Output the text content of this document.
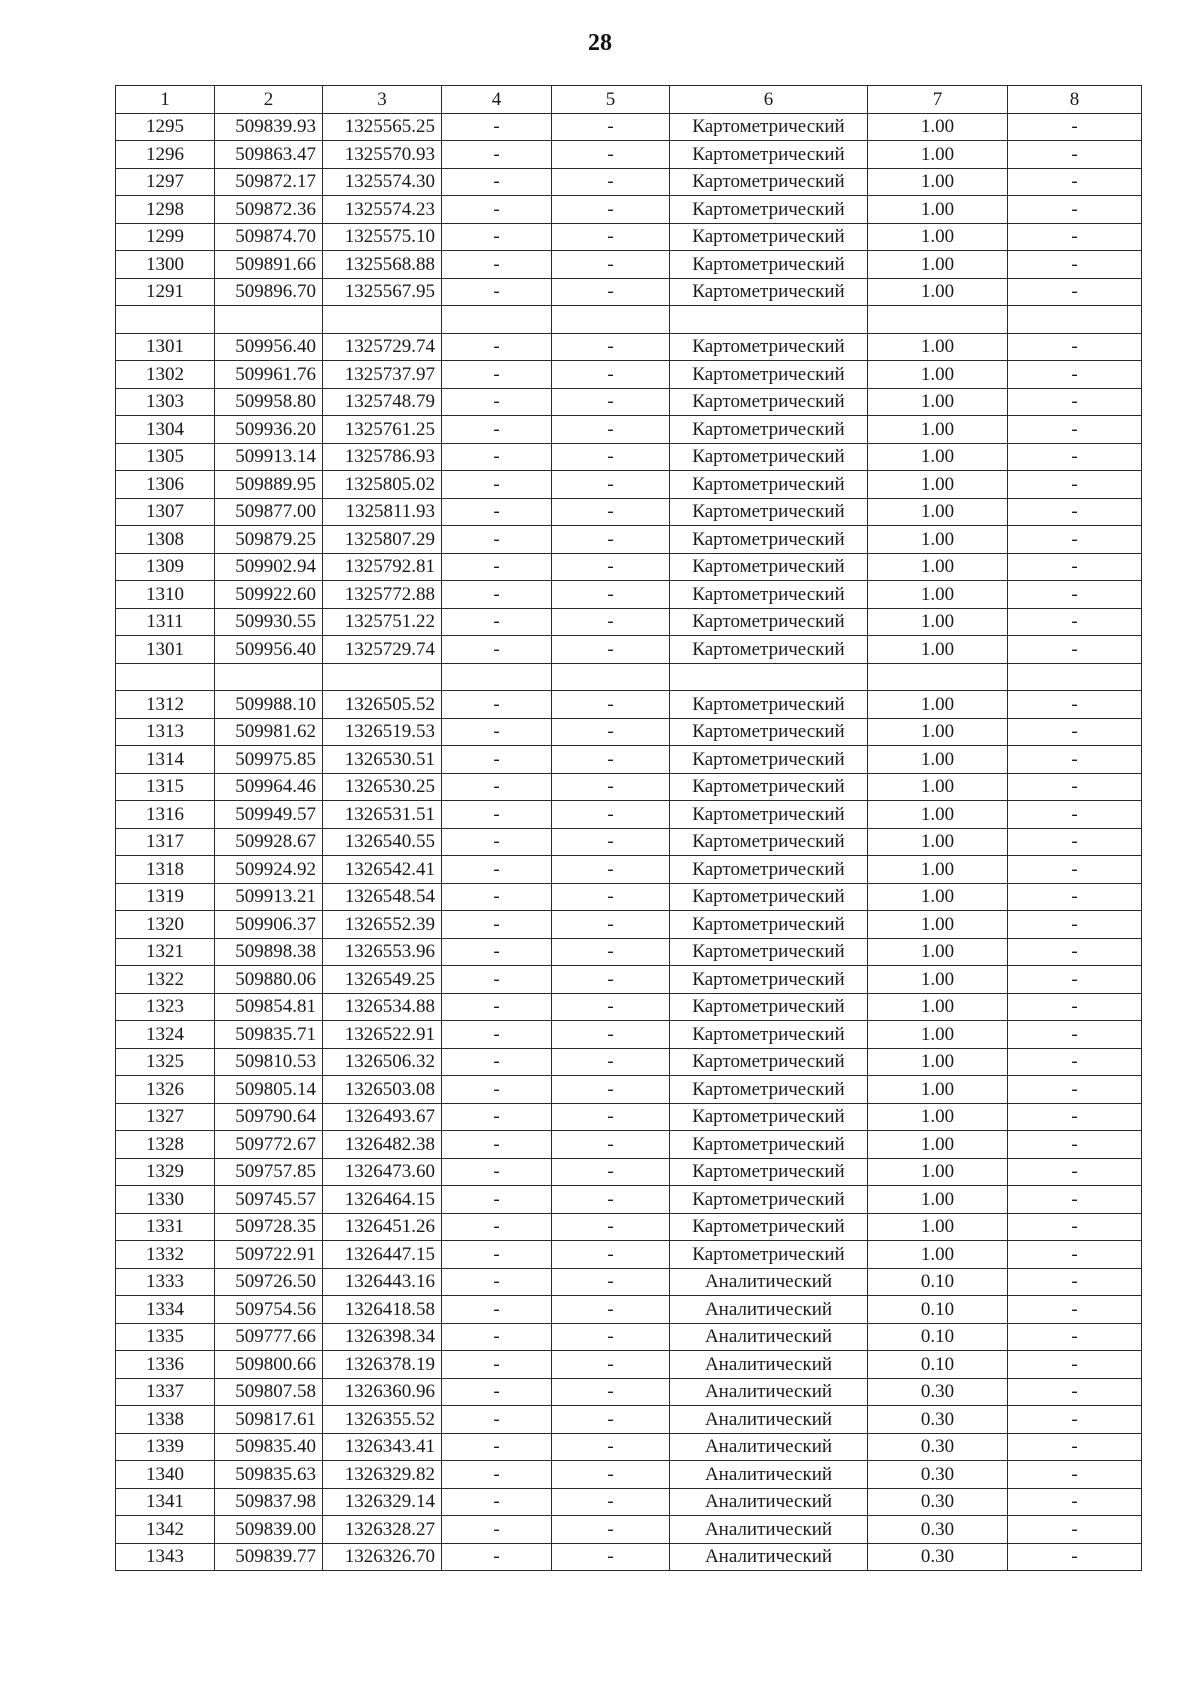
28
1	2	3	4	5	6	7	8
1295	509839.93	1325565.25	-	-	Картометрический	1.00	-
1296	509863.47	1325570.93	-	-	Картометрический	1.00	-
1297	509872.17	1325574.30	-	-	Картометрический	1.00	-
1298	509872.36	1325574.23	-	-	Картометрический	1.00	-
1299	509874.70	1325575.10	-	-	Картометрический	1.00	-
1300	509891.66	1325568.88	-	-	Картометрический	1.00	-
1291	509896.70	1325567.95	-	-	Картометрический	1.00	-

1301	509956.40	1325729.74	-	-	Картометрический	1.00	-
1302	509961.76	1325737.97	-	-	Картометрический	1.00	-
1303	509958.80	1325748.79	-	-	Картометрический	1.00	-
1304	509936.20	1325761.25	-	-	Картометрический	1.00	-
1305	509913.14	1325786.93	-	-	Картометрический	1.00	-
1306	509889.95	1325805.02	-	-	Картометрический	1.00	-
1307	509877.00	1325811.93	-	-	Картометрический	1.00	-
1308	509879.25	1325807.29	-	-	Картометрический	1.00	-
1309	509902.94	1325792.81	-	-	Картометрический	1.00	-
1310	509922.60	1325772.88	-	-	Картометрический	1.00	-
1311	509930.55	1325751.22	-	-	Картометрический	1.00	-
1301	509956.40	1325729.74	-	-	Картометрический	1.00	-

1312	509988.10	1326505.52	-	-	Картометрический	1.00	-
1313	509981.62	1326519.53	-	-	Картометрический	1.00	-
1314	509975.85	1326530.51	-	-	Картометрический	1.00	-
1315	509964.46	1326530.25	-	-	Картометрический	1.00	-
1316	509949.57	1326531.51	-	-	Картометрический	1.00	-
1317	509928.67	1326540.55	-	-	Картометрический	1.00	-
1318	509924.92	1326542.41	-	-	Картометрический	1.00	-
1319	509913.21	1326548.54	-	-	Картометрический	1.00	-
1320	509906.37	1326552.39	-	-	Картометрический	1.00	-
1321	509898.38	1326553.96	-	-	Картометрический	1.00	-
1322	509880.06	1326549.25	-	-	Картометрический	1.00	-
1323	509854.81	1326534.88	-	-	Картометрический	1.00	-
1324	509835.71	1326522.91	-	-	Картометрический	1.00	-
1325	509810.53	1326506.32	-	-	Картометрический	1.00	-
1326	509805.14	1326503.08	-	-	Картометрический	1.00	-
1327	509790.64	1326493.67	-	-	Картометрический	1.00	-
1328	509772.67	1326482.38	-	-	Картометрический	1.00	-
1329	509757.85	1326473.60	-	-	Картометрический	1.00	-
1330	509745.57	1326464.15	-	-	Картометрический	1.00	-
1331	509728.35	1326451.26	-	-	Картометрический	1.00	-
1332	509722.91	1326447.15	-	-	Картометрический	1.00	-
1333	509726.50	1326443.16	-	-	Аналитический	0.10	-
1334	509754.56	1326418.58	-	-	Аналитический	0.10	-
1335	509777.66	1326398.34	-	-	Аналитический	0.10	-
1336	509800.66	1326378.19	-	-	Аналитический	0.10	-
1337	509807.58	1326360.96	-	-	Аналитический	0.30	-
1338	509817.61	1326355.52	-	-	Аналитический	0.30	-
1339	509835.40	1326343.41	-	-	Аналитический	0.30	-
1340	509835.63	1326329.82	-	-	Аналитический	0.30	-
1341	509837.98	1326329.14	-	-	Аналитический	0.30	-
1342	509839.00	1326328.27	-	-	Аналитический	0.30	-
1343	509839.77	1326326.70	-	-	Аналитический	0.30	-
